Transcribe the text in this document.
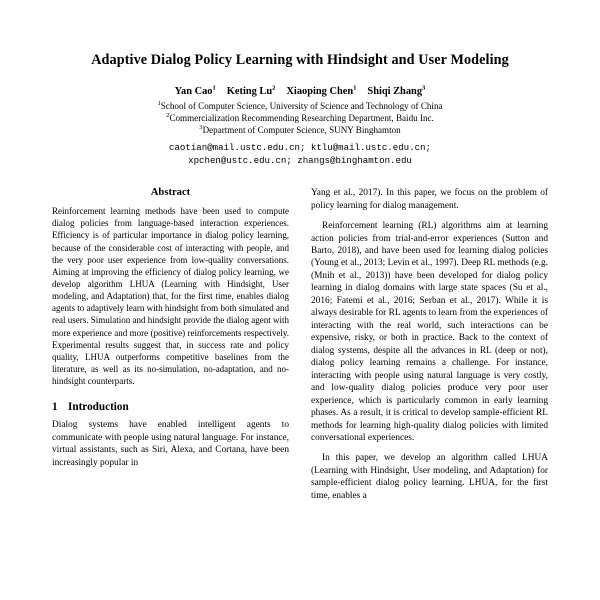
Adaptive Dialog Policy Learning with Hindsight and User Modeling
Yan Cao$^1$ Keting Lu$^2$ Xiaoping Chen$^1$ Shiqi Zhang$^3$
$^1$School of Computer Science, University of Science and Technology of China
$^2$Commercialization Recommending Researching Department, Baidu Inc.
$^3$Department of Computer Science, SUNY Binghamton
caotian@mail.ustc.edu.cn; ktlu@mail.ustc.edu.cn;
xpchen@ustc.edu.cn; zhangs@binghamton.edu
Abstract

Reinforcement learning methods have been used to compute dialog policies from language-based interaction experiences. Efficiency is of particular importance in dialog policy learning, because of the considerable cost of interacting with people, and the very poor user experience from low-quality conversations. Aiming at improving the efficiency of dialog policy learning, we develop algorithm LHUA (Learning with Hindsight, User modeling, and Adaptation) that, for the first time, enables dialog agents to adaptively learn with hindsight from both simulated and real users. Simulation and hindsight provide the dialog agent with more experience and more (positive) reinforcements respectively. Experimental results suggest that, in success rate and policy quality, LHUA outperforms competitive baselines from the literature, as well as its no-simulation, no-adaptation, and no-hindsight counterparts.

1 Introduction

Dialog systems have enabled intelligent agents to communicate with people using natural language. For instance, virtual assistants, such as Siri, Alexa, and Cortana, have been increasingly popular in

Yang et al., 2017). In this paper, we focus on the problem of policy learning for dialog management.

Reinforcement learning (RL) algorithms aim at learning action policies from trial-and-error experiences (Sutton and Barto, 2018), and have been used for learning dialog policies (Young et al., 2013; Levin et al., 1997). Deep RL methods (e.g. (Mnih et al., 2013)) have been developed for dialog policy learning in dialog domains with large state spaces (Su et al., 2016; Fatemi et al., 2016; Serban et al., 2017). While it is always desirable for RL agents to learn from the experiences of interacting with the real world, such interactions can be expensive, risky, or both in practice. Back to the context of dialog systems, despite all the advances in RL (deep or not), dialog policy learning remains a challenge. For instance, interacting with people using natural language is very costly, and low-quality dialog policies produce very poor user experience, which is particularly common in early learning phases. As a result, it is critical to develop sample-efficient RL methods for learning high-quality dialog policies with limited conversational experiences.

In this paper, we develop an algorithm called LHUA (Learning with Hindsight, User modeling, and Adaptation) for sample-efficient dialog policy learning. LHUA, for the first time, enables a
